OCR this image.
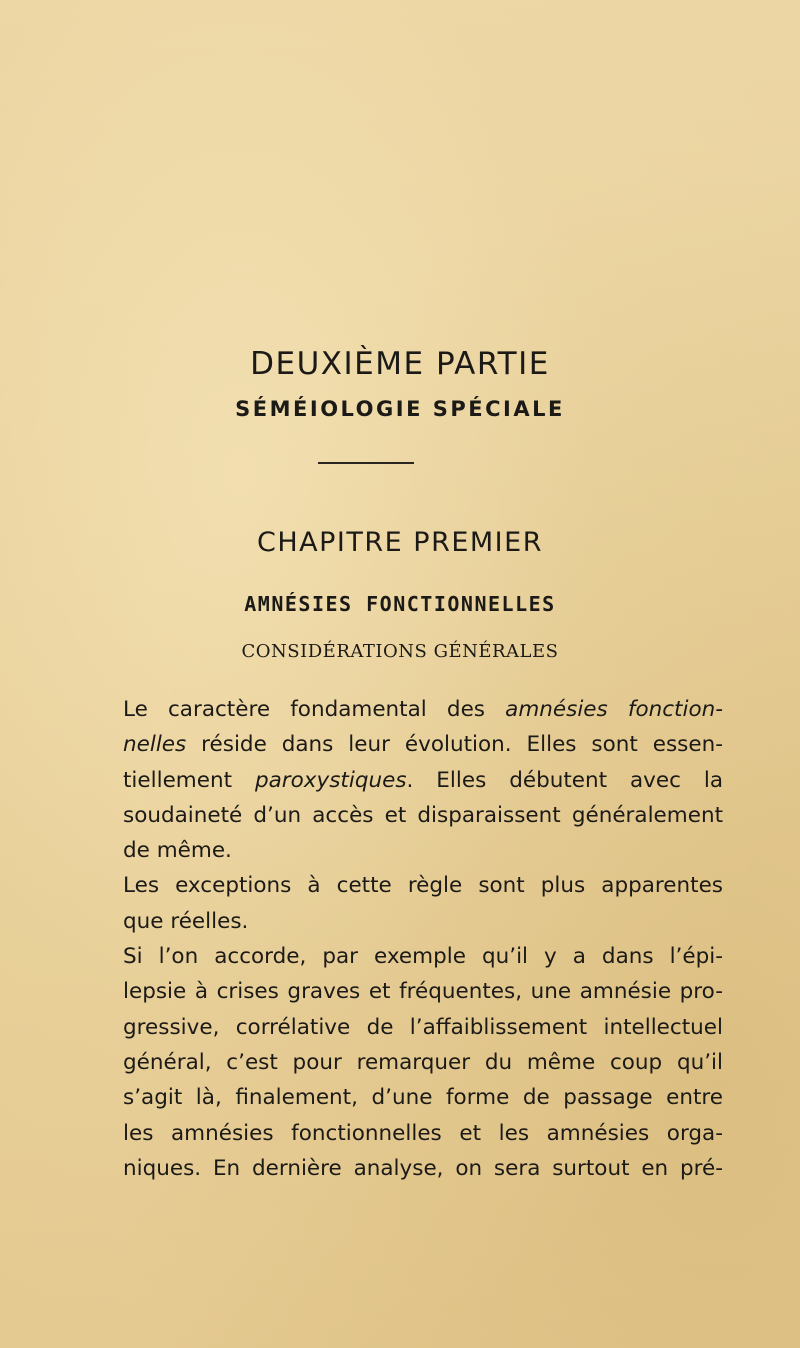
DEUXIÈME PARTIE
SÉMÉIOLOGIE SPÉCIALE
CHAPITRE PREMIER
AMNÉSIES FONCTIONNELLES
CONSIDÉRATIONS GÉNÉRALES
Le caractère fondamental des amnésies fonction-
nelles réside dans leur évolution. Elles sont essen-
tiellement paroxystiques. Elles débutent avec la
soudaineté d’un accès et disparaissent généralement
de même.
Les exceptions à cette règle sont plus apparentes
que réelles.
Si l’on accorde, par exemple qu’il y a dans l’épi-
lepsie à crises graves et fréquentes, une amnésie pro-
gressive, corrélative de l’affaiblissement intellectuel
général, c’est pour remarquer du même coup qu’il
s’agit là, finalement, d’une forme de passage entre
les amnésies fonctionnelles et les amnésies orga-
niques. En dernière analyse, on sera surtout en pré-
